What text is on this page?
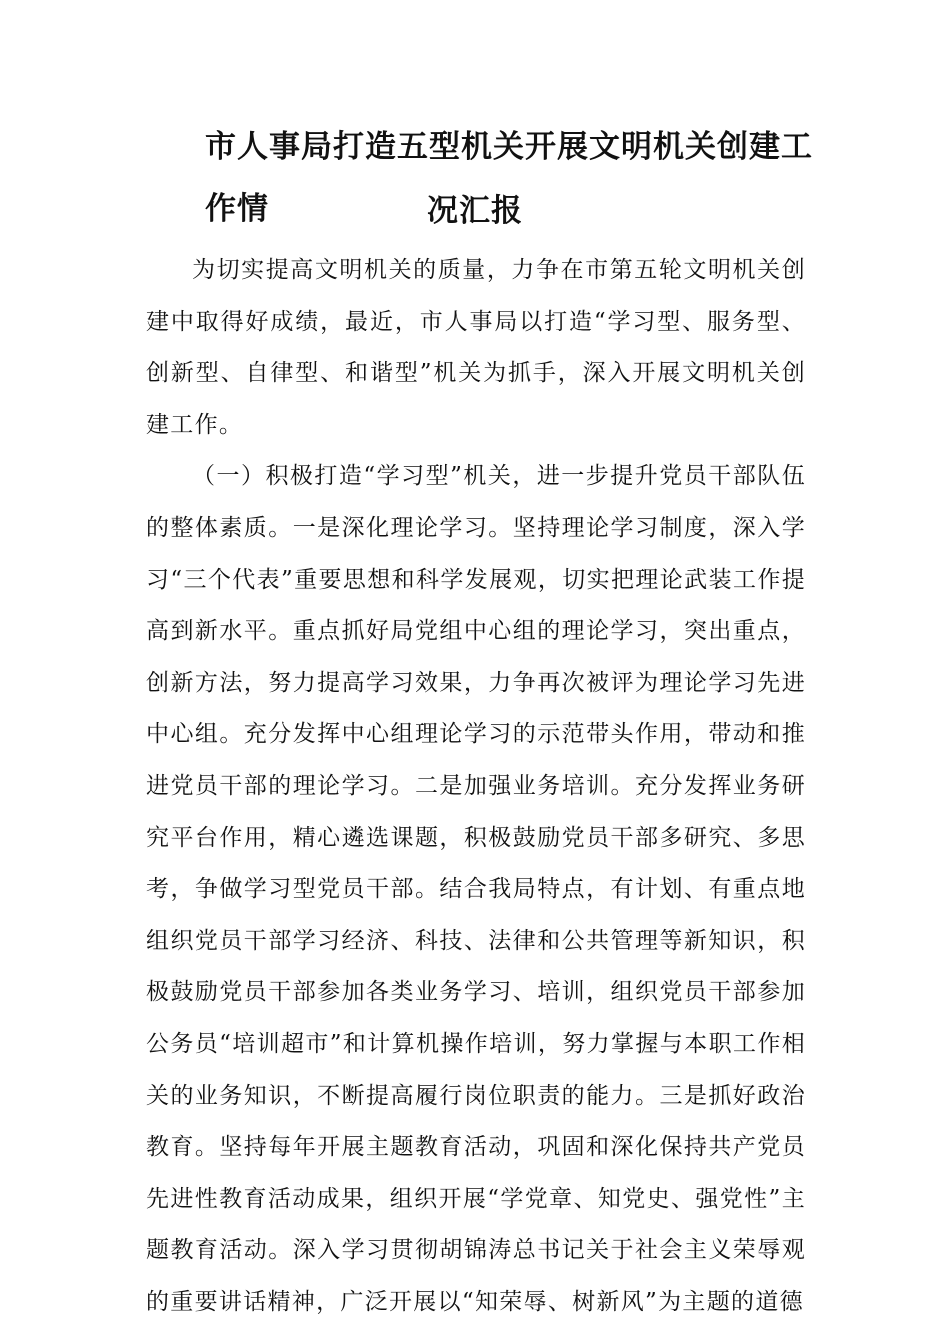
市人事局打造五型机关开展文明机关创建工作情	况汇报

为切实提高文明机关的质量，力争在市第五轮文明机关创建中取得好成绩，最近，市人事局以打造“学习型、服务型、创新型、自律型、和谐型”机关为抓手，深入开展文明机关创建工作。

（一）积极打造“学习型”机关，进一步提升党员干部队伍的整体素质。一是深化理论学习。坚持理论学习制度，深入学习“三个代表”重要思想和科学发展观，切实把理论武装工作提高到新水平。重点抓好局党组中心组的理论学习，突出重点，创新方法，努力提高学习效果，力争再次被评为理论学习先进中心组。充分发挥中心组理论学习的示范带头作用，带动和推进党员干部的理论学习。二是加强业务培训。充分发挥业务研究平台作用，精心遴选课题，积极鼓励党员干部多研究、多思考，争做学习型党员干部。结合我局特点，有计划、有重点地组织党员干部学习经济、科技、法律和公共管理等新知识，积极鼓励党员干部参加各类业务学习、培训，组织党员干部参加公务员“培训超市”和计算机操作培训，努力掌握与本职工作相关的业务知识，不断提高履行岗位职责的能力。三是抓好政治教育。坚持每年开展主题教育活动，巩固和深化保持共产党员先进性教育活动成果，组织开展“学党章、知党史、强党性”主题教育活动。深入学习贯彻胡锦涛总书记关于社会主义荣辱观的重要讲话精神，广泛开展以“知荣辱、树新风”为主题的道德
